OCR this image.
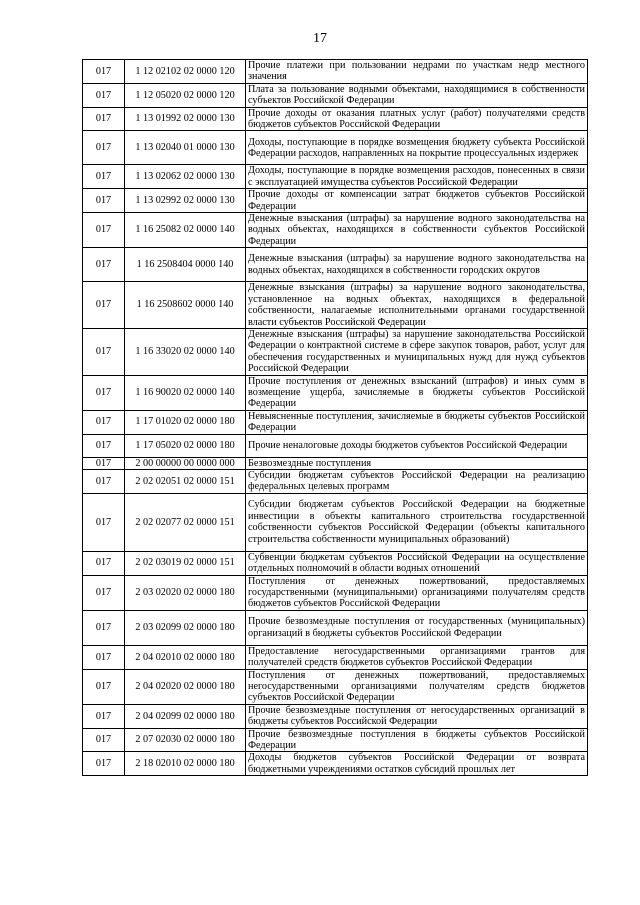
17
017	1 12 02102 02 0000 120	Прочие платежи при пользовании недрами по участкам недр местного значения
017	1 12 05020 02 0000 120	Плата за пользование водными объектами, находящимися в собственности субъектов Российской Федерации
017	1 13 01992 02 0000 130	Прочие доходы от оказания платных услуг (работ) получателями средств бюджетов субъектов Российской Федерации
017	1 13 02040 01 0000 130	Доходы, поступающие в порядке возмещения бюджету субъекта Российской Федерации расходов, направленных на покрытие процессуальных издержек
017	1 13 02062 02 0000 130	Доходы, поступающие в порядке возмещения расходов, понесенных в связи с эксплуатацией имущества субъектов Российской Федерации
017	1 13 02992 02 0000 130	Прочие доходы от компенсации затрат бюджетов субъектов Российской Федерации
017	1 16 25082 02 0000 140	Денежные взыскания (штрафы) за нарушение водного законодательства на водных объектах, находящихся в собственности субъектов Российской Федерации
017	1 16 2508404 0000 140	Денежные взыскания (штрафы) за нарушение водного законодательства на водных объектах, находящихся в собственности городских округов
017	1 16 2508602 0000 140	Денежные взыскания (штрафы) за нарушение водного законодательства, установленное на водных объектах, находящихся в федеральной собственности, налагаемые исполнительными органами государственной власти субъектов Российской Федерации
017	1 16 33020 02 0000 140	Денежные взыскания (штрафы) за нарушение законодательства Российской Федерации о контрактной системе в сфере закупок товаров, работ, услуг для обеспечения государственных и муниципальных нужд для нужд субъектов Российской Федерации
017	1 16 90020 02 0000 140	Прочие поступления от денежных взысканий (штрафов) и иных сумм в возмещение ущерба, зачисляемые в бюджеты субъектов Российской Федерации
017	1 17 01020 02 0000 180	Невыясненные поступления, зачисляемые в бюджеты субъектов Российской Федерации
017	1 17 05020 02 0000 180	Прочие неналоговые доходы бюджетов субъектов Российской Федерации
017	2 00 00000 00 0000 000	Безвозмездные поступления
017	2 02 02051 02 0000 151	Субсидии бюджетам субъектов Российской Федерации на реализацию федеральных целевых программ
017	2 02 02077 02 0000 151	Субсидии бюджетам субъектов Российской Федерации на бюджетные инвестиции в объекты капитального строительства государственной собственности субъектов Российской Федерации (объекты капитального строительства собственности муниципальных образований)
017	2 02 03019 02 0000 151	Субвенции бюджетам субъектов Российской Федерации на осуществление отдельных полномочий в области водных отношений
017	2 03 02020 02 0000 180	Поступления от денежных пожертвований, предоставляемых государственными (муниципальными) организациями получателям средств бюджетов субъектов Российской Федерации
017	2 03 02099 02 0000 180	Прочие безвозмездные поступления от государственных (муниципальных) организаций в бюджеты субъектов Российской Федерации
017	2 04 02010 02 0000 180	Предоставление негосударственными организациями грантов для получателей средств бюджетов субъектов Российской Федерации
017	2 04 02020 02 0000 180	Поступления от денежных пожертвований, предоставляемых негосударственными организациями получателям средств бюджетов субъектов Российской Федерации
017	2 04 02099 02 0000 180	Прочие безвозмездные поступления от негосударственных организаций в бюджеты субъектов Российской Федерации
017	2 07 02030 02 0000 180	Прочие безвозмездные поступления в бюджеты субъектов Российской Федерации
017	2 18 02010 02 0000 180	Доходы бюджетов субъектов Российской Федерации от возврата бюджетными учреждениями остатков субсидий прошлых лет
